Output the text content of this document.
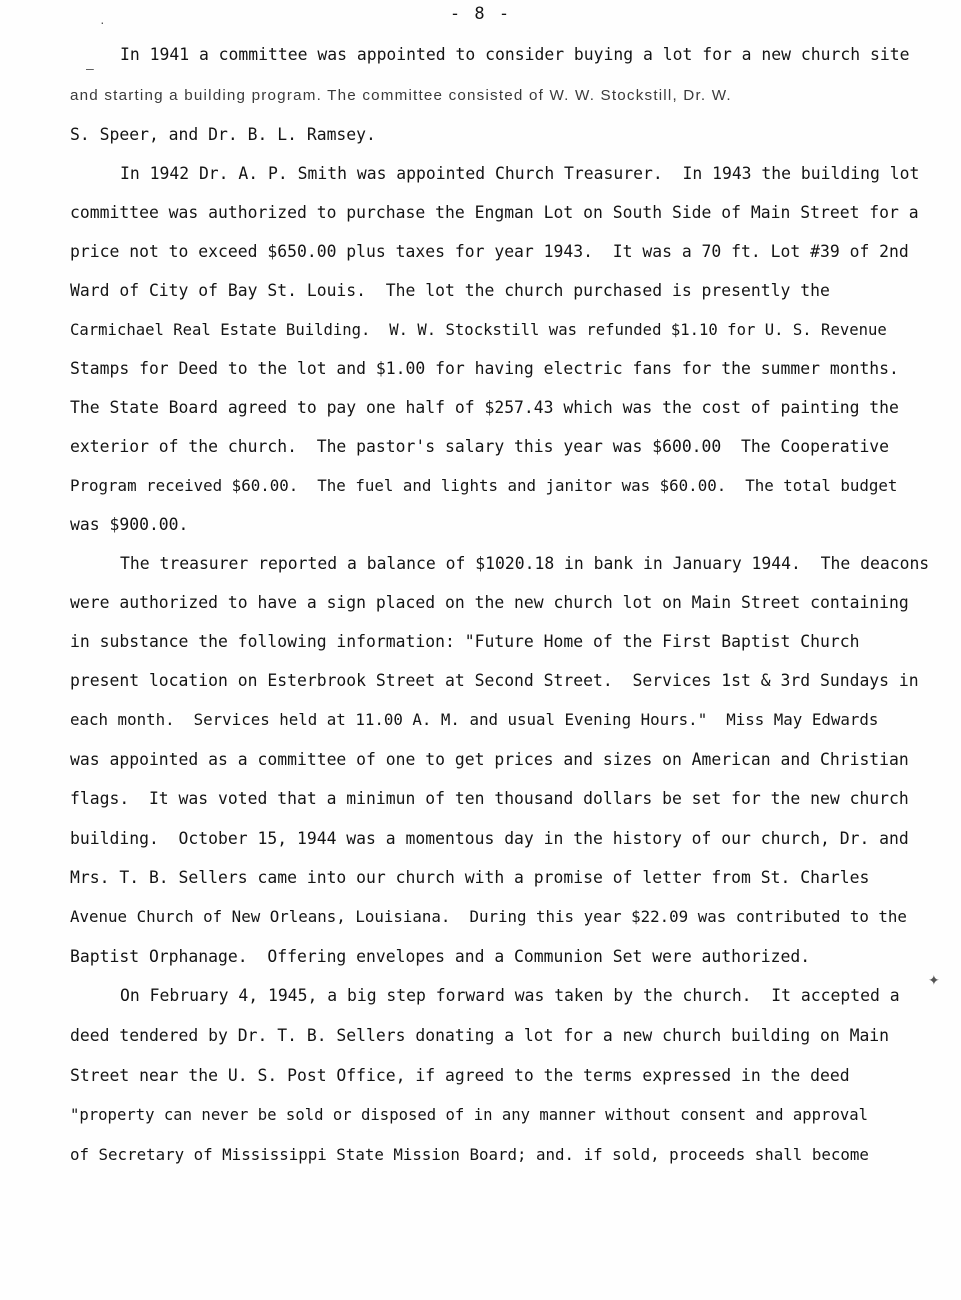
- 8 -
·
–
✦
In 1941 a committee was appointed to consider buying a lot for a new church site
and starting a building program. The committee consisted of W. W. Stockstill, Dr. W.
S. Speer, and Dr. B. L. Ramsey.
In 1942 Dr. A. P. Smith was appointed Church Treasurer.  In 1943 the building lot
committee was authorized to purchase the Engman Lot on South Side of Main Street for a
price not to exceed $650.00 plus taxes for year 1943.  It was a 70 ft. Lot #39 of 2nd
Ward of City of Bay St. Louis.  The lot the church purchased is presently the
Carmichael Real Estate Building.  W. W. Stockstill was refunded $1.10 for U. S. Revenue
Stamps for Deed to the lot and $1.00 for having electric fans for the summer months.
The State Board agreed to pay one half of $257.43 which was the cost of painting the
exterior of the church.  The pastor's salary this year was $600.00  The Cooperative
Program received $60.00.  The fuel and lights and janitor was $60.00.  The total budget
was $900.00.
The treasurer reported a balance of $1020.18 in bank in January 1944.  The deacons
were authorized to have a sign placed on the new church lot on Main Street containing
in substance the following information: "Future Home of the First Baptist Church
present location on Esterbrook Street at Second Street.  Services 1st & 3rd Sundays in
each month.  Services held at 11.00 A. M. and usual Evening Hours."  Miss May Edwards
was appointed as a committee of one to get prices and sizes on American and Christian
flags.  It was voted that a minimun of ten thousand dollars be set for the new church
building.  October 15, 1944 was a momentous day in the history of our church, Dr. and
Mrs. T. B. Sellers came into our church with a promise of letter from St. Charles
Avenue Church of New Orleans, Louisiana.  During this year $22.09 was contributed to the
Baptist Orphanage.  Offering envelopes and a Communion Set were authorized.
On February 4, 1945, a big step forward was taken by the church.  It accepted a
deed tendered by Dr. T. B. Sellers donating a lot for a new church building on Main
Street near the U. S. Post Office, if agreed to the terms expressed in the deed
"property can never be sold or disposed of in any manner without consent and approval
of Secretary of Mississippi State Mission Board; and. if sold, proceeds shall become
